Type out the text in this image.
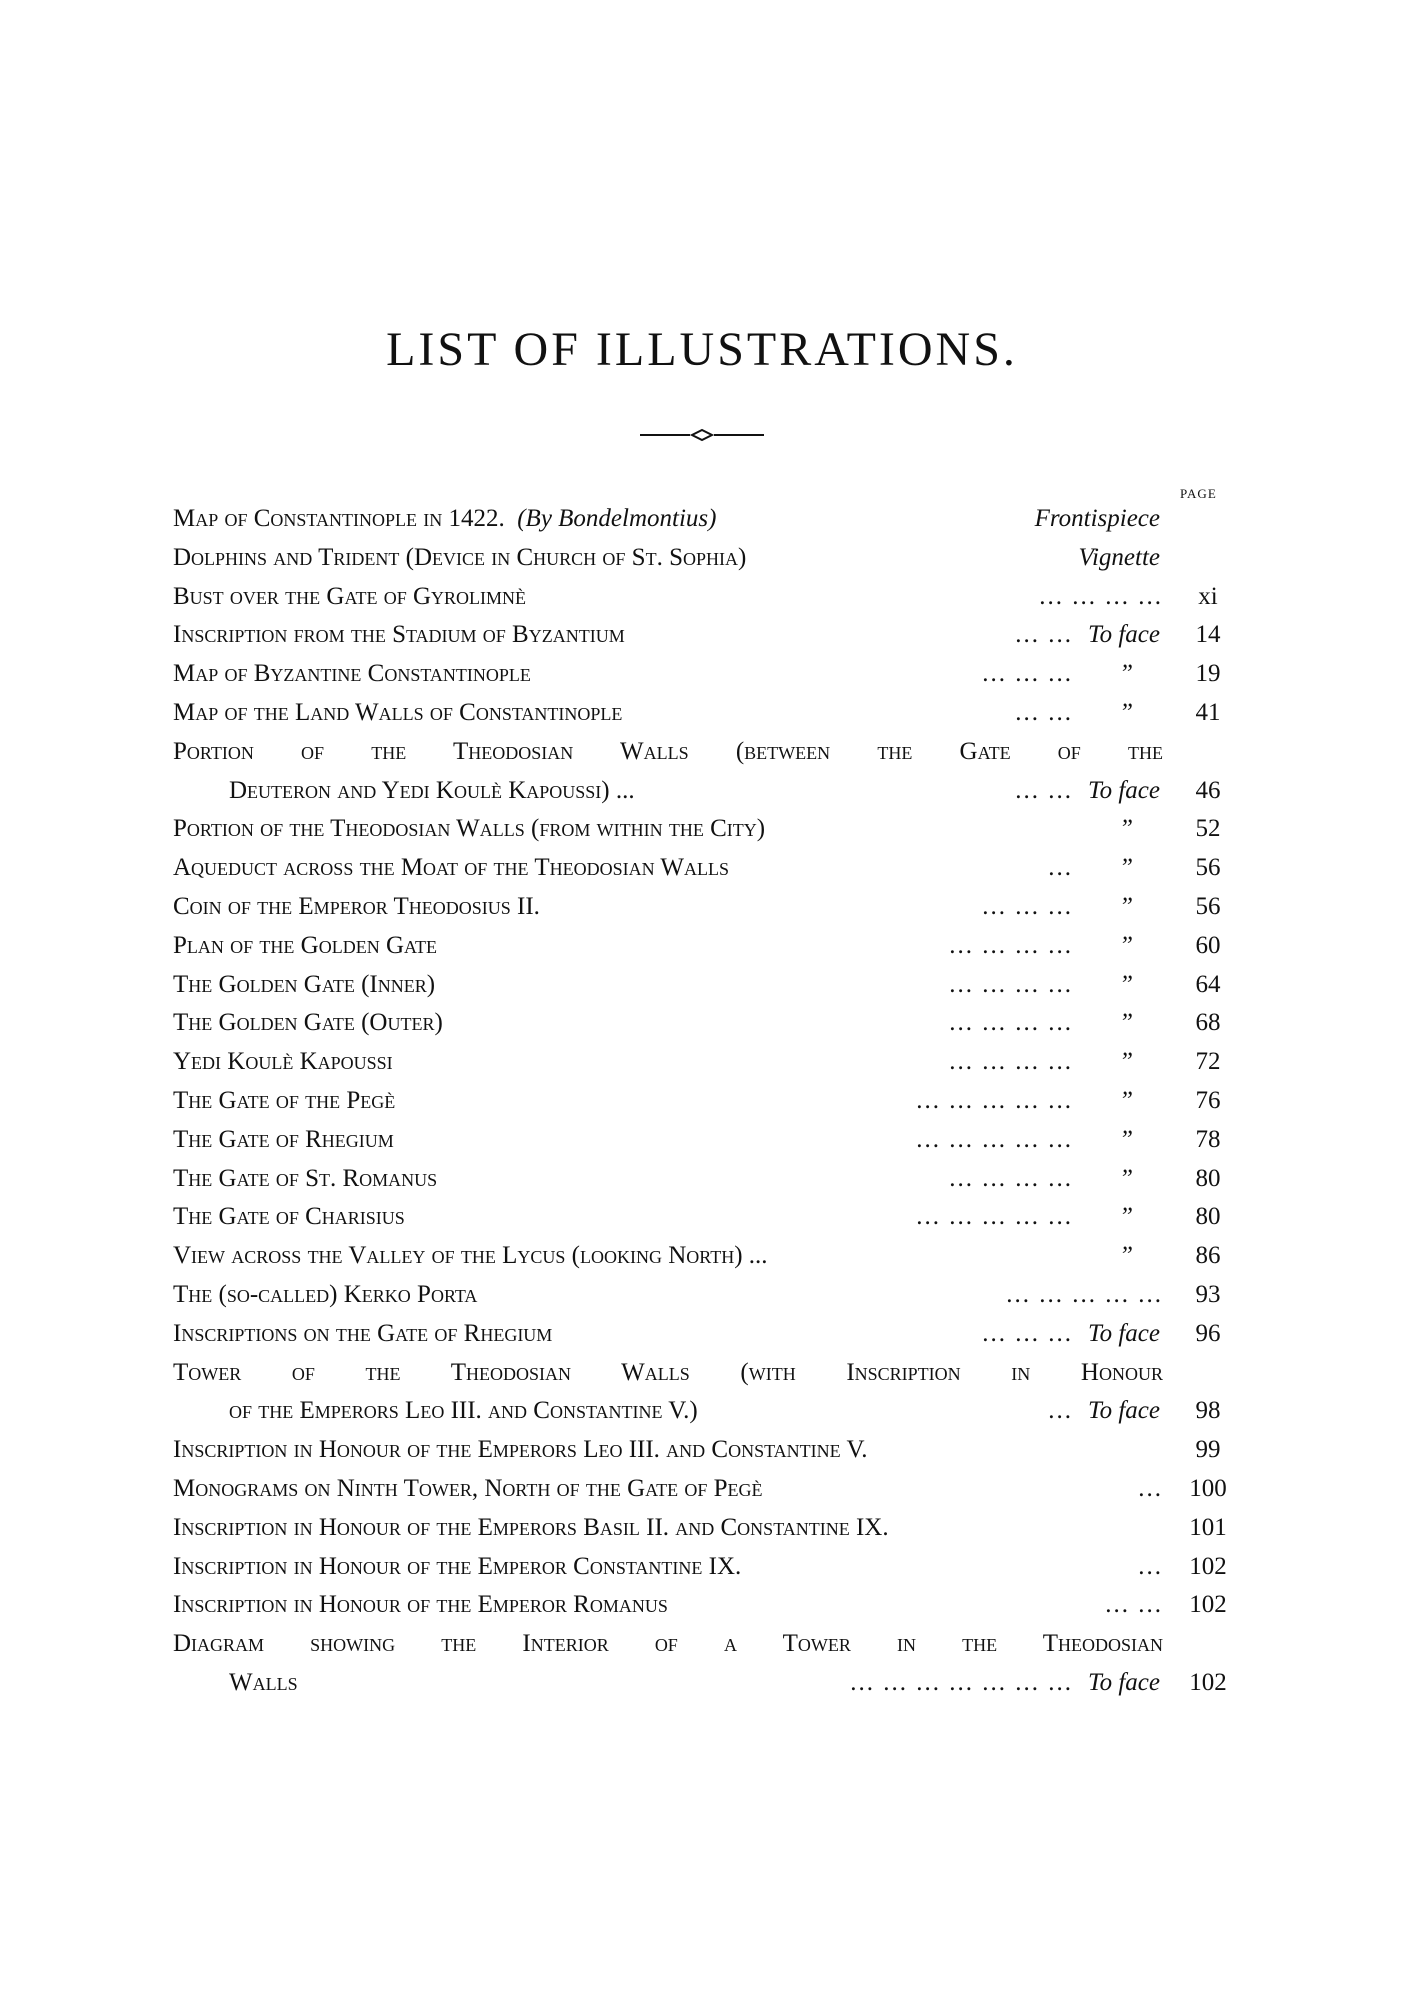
LIST OF ILLUSTRATIONS.
PAGE
Map of Constantinople in 1422. (By Bondelmontius)	Frontispiece
Dolphins and Trident (Device in Church of St. Sophia)	Vignette
Bust over the Gate of Gyrolimnè	... ... ... ...	xi
Inscription from the Stadium of Byzantium	... ... To face	14
Map of Byzantine Constantinople	... ... ... ”	19
Map of the Land Walls of Constantinople	... ... ”	41
Portion of the Theodosian Walls (between the Gate of the
Deuteron and Yedi Koulè Kapoussi) ...	... ... To face	46
Portion of the Theodosian Walls (from within the City)	”	52
Aqueduct across the Moat of the Theodosian Walls	... ”	56
Coin of the Emperor Theodosius II.	... ... ... ”	56
Plan of the Golden Gate	... ... ... ... ”	60
The Golden Gate (Inner)	... ... ... ... ”	64
The Golden Gate (Outer)	... ... ... ... ”	68
Yedi Koulè Kapoussi	... ... ... ... ”	72
The Gate of the Pegè	... ... ... ... ... ”	76
The Gate of Rhegium	... ... ... ... ... ”	78
The Gate of St. Romanus	... ... ... ... ”	80
The Gate of Charisius	... ... ... ... ... ”	80
View across the Valley of the Lycus (looking North) ...	”	86
The (so-called) Kerko Porta	... ... ... ... ...	93
Inscriptions on the Gate of Rhegium	... ... ... To face	96
Tower of the Theodosian Walls (with Inscription in Honour
of the Emperors Leo III. and Constantine V.)	... To face	98
Inscription in Honour of the Emperors Leo III. and Constantine V.	99
Monograms on Ninth Tower, North of the Gate of Pegè	... 100
Inscription in Honour of the Emperors Basil II. and Constantine IX.	101
Inscription in Honour of the Emperor Constantine IX.	... 102
Inscription in Honour of the Emperor Romanus	... ... 102
Diagram showing the Interior of a Tower in the Theodosian
Walls	... ... ... ... ... ... ... To face 102
